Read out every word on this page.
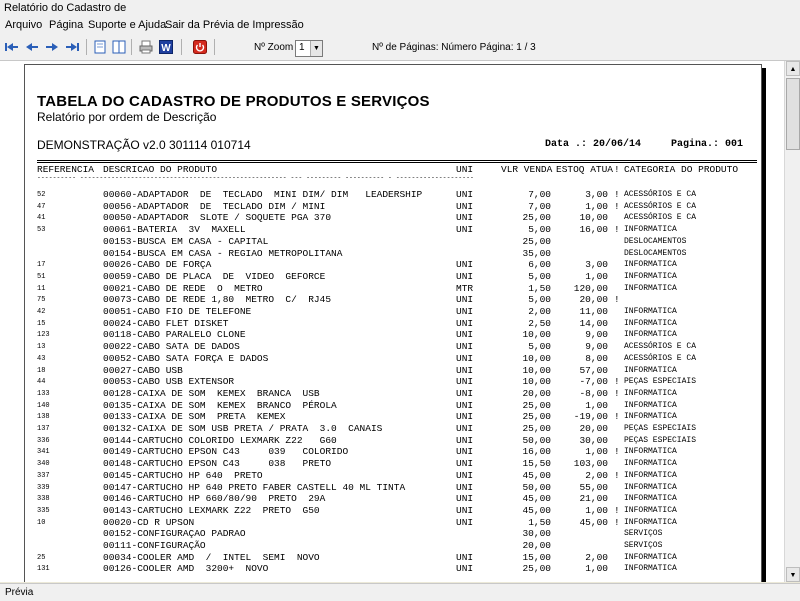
Relatório do Cadastro de
Arquivo Página Suporte e Ajuda
Sair da Prévia de Impressão
W	Nº Zoom	Nº de Páginas: Número Página: 1 / 3
1	▼
TABELA DO CADASTRO DE PRODUTOS E SERVIÇOS
Relatório por ordem de Descrição
DEMONSTRAÇÃO v2.0 301114 010714	Data .: 20/06/14     Pagina.: 001
REFERENCIA DESCRICAO DO PRODUTO	UNI	VLR VENDA ESTOQ ATUA ! CATEGORIA DO PRODUTO
---------- ----------------------------------------------------- --- --------- ---------- - --------------------
52	00060-ADAPTADOR  DE  TECLADO  MINI DIM/ DIM   LEADERSHIP	UNI	7,00	3,00 ! ACESSÓRIOS E CA
47	00056-ADAPTADOR  DE  TECLADO DIM / MINI	UNI	7,00	1,00 ! ACESSÓRIOS E CA
41	00050-ADAPTADOR  SLOTE / SOQUETE PGA 370	UNI	25,00	10,00 ACESSÓRIOS E CA
53	00061-BATERIA  3V  MAXELL	UNI	5,00	16,00 ! INFORMATICA
00153-BUSCA EM CASA - CAPITAL	25,00	DESLOCAMENTOS
00154-BUSCA EM CASA - REGIAO METROPOLITANA	35,00	DESLOCAMENTOS
17	00026-CABO DE FORÇA	UNI	6,00	3,00 INFORMATICA
51	00059-CABO DE PLACA  DE  VIDEO  GEFORCE	UNI	5,00	1,00 INFORMATICA
11	00021-CABO DE REDE  O  METRO	MTR	1,50	120,00 INFORMATICA
75	00073-CABO DE REDE 1,80  METRO  C/  RJ45	UNI	5,00	20,00 !
42	00051-CABO FIO DE TELEFONE	UNI	2,00	11,00 INFORMATICA
15	00024-CABO FLET DISKET	UNI	2,50	14,00 INFORMATICA
123	00118-CABO PARALELO CLONE	UNI	10,00	9,00 INFORMATICA
13	00022-CABO SATA DE DADOS	UNI	5,00	9,00 ACESSÓRIOS E CA
43	00052-CABO SATA FORÇA E DADOS	UNI	10,00	8,00 ACESSÓRIOS E CA
18	00027-CABO USB	UNI	10,00	57,00 INFORMATICA
44	00053-CABO USB EXTENSOR	UNI	10,00	-7,00 ! PEÇAS ESPECIAIS
133	00128-CAIXA DE SOM  KEMEX  BRANCA  USB	UNI	20,00	-8,00 ! INFORMATICA
140	00135-CAIXA DE SOM  KEMEX  BRANCO  PÉROLA	UNI	25,00	1,00 INFORMATICA
138	00133-CAIXA DE SOM  PRETA  KEMEX	UNI	25,00	-19,00 ! INFORMATICA
137	00132-CAIXA DE SOM USB PRETA / PRATA  3.0  CANAIS	UNI	25,00	20,00 PEÇAS ESPECIAIS
336	00144-CARTUCHO COLORIDO LEXMARK Z22   G60	UNI	50,00	30,00 PEÇAS ESPECIAIS
341	00149-CARTUCHO EPSON C43     039   COLORIDO	UNI	16,00	1,00 ! INFORMATICA
340	00148-CARTUCHO EPSON C43     038   PRETO	UNI	15,50	103,00 INFORMATICA
337	00145-CARTUCHO HP 640  PRETO	UNI	45,00	2,00 ! INFORMATICA
339	00147-CARTUCHO HP 640 PRETO FABER CASTELL 40 ML TINTA	UNI	50,00	55,00 INFORMATICA
338	00146-CARTUCHO HP 660/80/90  PRETO  29A	UNI	45,00	21,00 INFORMATICA
335	00143-CARTUCHO LEXMARK Z22  PRETO  G50	UNI	45,00	1,00 ! INFORMATICA
10	00020-CD R UPSON	UNI	1,50	45,00 ! INFORMATICA
00152-CONFIGURAÇAO PADRAO	30,00	SERVIÇOS
00111-CONFIGURAÇÃO	20,00	SERVIÇOS
25	00034-COOLER AMD  /  INTEL  SEMI  NOVO	UNI	15,00	2,00 INFORMATICA
131	00126-COOLER AMD  3200+  NOVO	UNI	25,00	1,00 INFORMATICA
▲
▼
Prévia
